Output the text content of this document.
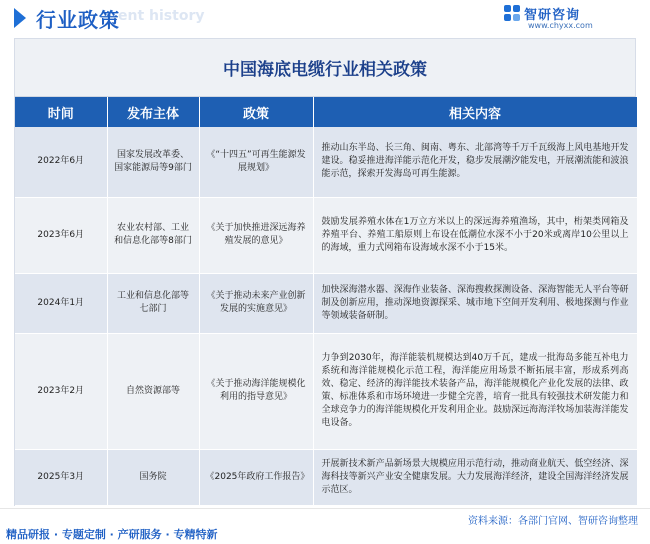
行业政策
ent history	智研咨询
www.chyxx.com
中国海底电缆行业相关政策
时间	发布主体	政策	相关内容
2022年6月	国家发展改革委、国家能源局等9部门	《“十四五”可再生能源发展规划》	推动山东半岛、长三角、闽南、粤东、北部湾等千万千瓦级海上风电基地开发建设。稳妥推进海洋能示范化开发，稳步发展潮汐能发电，开展潮流能和波浪能示范，探索开发海岛可再生能源。
2023年6月	农业农村部、工业和信息化部等8部门	《关于加快推进深远海养殖发展的意见》	鼓励发展养殖水体在1万立方米以上的深远海养殖渔场，其中，桁架类网箱及养殖平台、养殖工船原则上布设在低潮位水深不小于20米或离岸10公里以上的海域，重力式网箱布设海域水深不小于15米。
2024年1月	工业和信息化部等七部门	《关于推动未来产业创新发展的实施意见》	加快深海潜水器、深海作业装备、深海搜救探测设备、深海智能无人平台等研制及创新应用，推动深地资源探采、城市地下空间开发利用、极地探测与作业等领域装备研制。
2023年2月	自然资源部等	《关于推动海洋能规模化利用的指导意见》	力争到2030年，海洋能装机规模达到40万千瓦，建成一批海岛多能互补电力系统和海洋能规模化示范工程，海洋能应用场景不断拓展丰富，形成系列高效、稳定、经济的海洋能技术装备产品，海洋能规模化产业化发展的法律、政策、标准体系和市场环境进一步健全完善，培育一批具有较强技术研发能力和全球竞争力的海洋能规模化开发利用企业。鼓励深远海海洋牧场加装海洋能发电设备。
2025年3月	国务院	《2025年政府工作报告》	开展新技术新产品新场景大规模应用示范行动，推动商业航天、低空经济、深海科技等新兴产业安全健康发展。大力发展海洋经济，建设全国海洋经济发展示范区。
精品研报 · 专题定制 · 产研服务 · 专精特新
资料来源：各部门官网、智研咨询整理
